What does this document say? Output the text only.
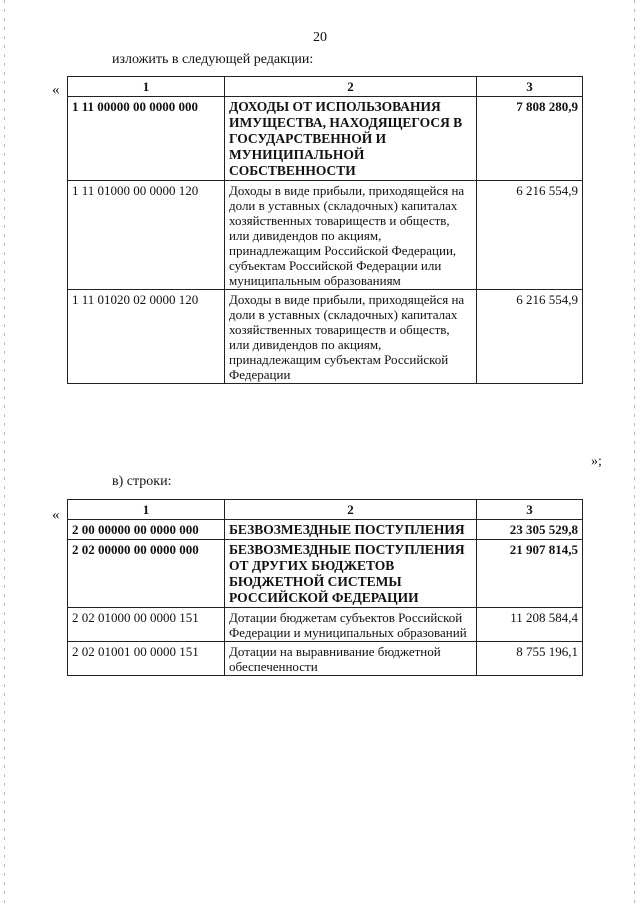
20
изложить в следующей редакции:
«	1	2	3
1 11 00000 00 0000 000	ДОХОДЫ ОТ ИСПОЛЬЗОВАНИЯ ИМУЩЕСТВА, НАХОДЯЩЕГОСЯ В ГОСУДАРСТВЕННОЙ И МУНИЦИПАЛЬНОЙ СОБСТВЕННОСТИ	7 808 280,9
1 11 01000 00 0000 120	Доходы в виде прибыли, приходящейся на доли в уставных (складочных) капиталах хозяйственных товариществ и обществ, или дивидендов по акциям, принадлежащим Российской Федерации, субъектам Российской Федерации или муниципальным образованиям	6 216 554,9
1 11 01020 02 0000 120	Доходы в виде прибыли, приходящейся на доли в уставных (складочных) капиталах хозяйственных товариществ и обществ, или дивидендов по акциям, принадлежащим субъектам Российской Федерации	6 216 554,9
»;
в) строки:
«	1	2	3
2 00 00000 00 0000 000	БЕЗВОЗМЕЗДНЫЕ ПОСТУПЛЕНИЯ	23 305 529,8
2 02 00000 00 0000 000	БЕЗВОЗМЕЗДНЫЕ ПОСТУПЛЕНИЯ ОТ ДРУГИХ БЮДЖЕТОВ БЮДЖЕТНОЙ СИСТЕМЫ РОССИЙСКОЙ ФЕДЕРАЦИИ	21 907 814,5
2 02 01000 00 0000 151	Дотации бюджетам субъектов Российской Федерации и муниципальных образований	11 208 584,4
2 02 01001 00 0000 151	Дотации на выравнивание бюджетной обеспеченности	8 755 196,1
